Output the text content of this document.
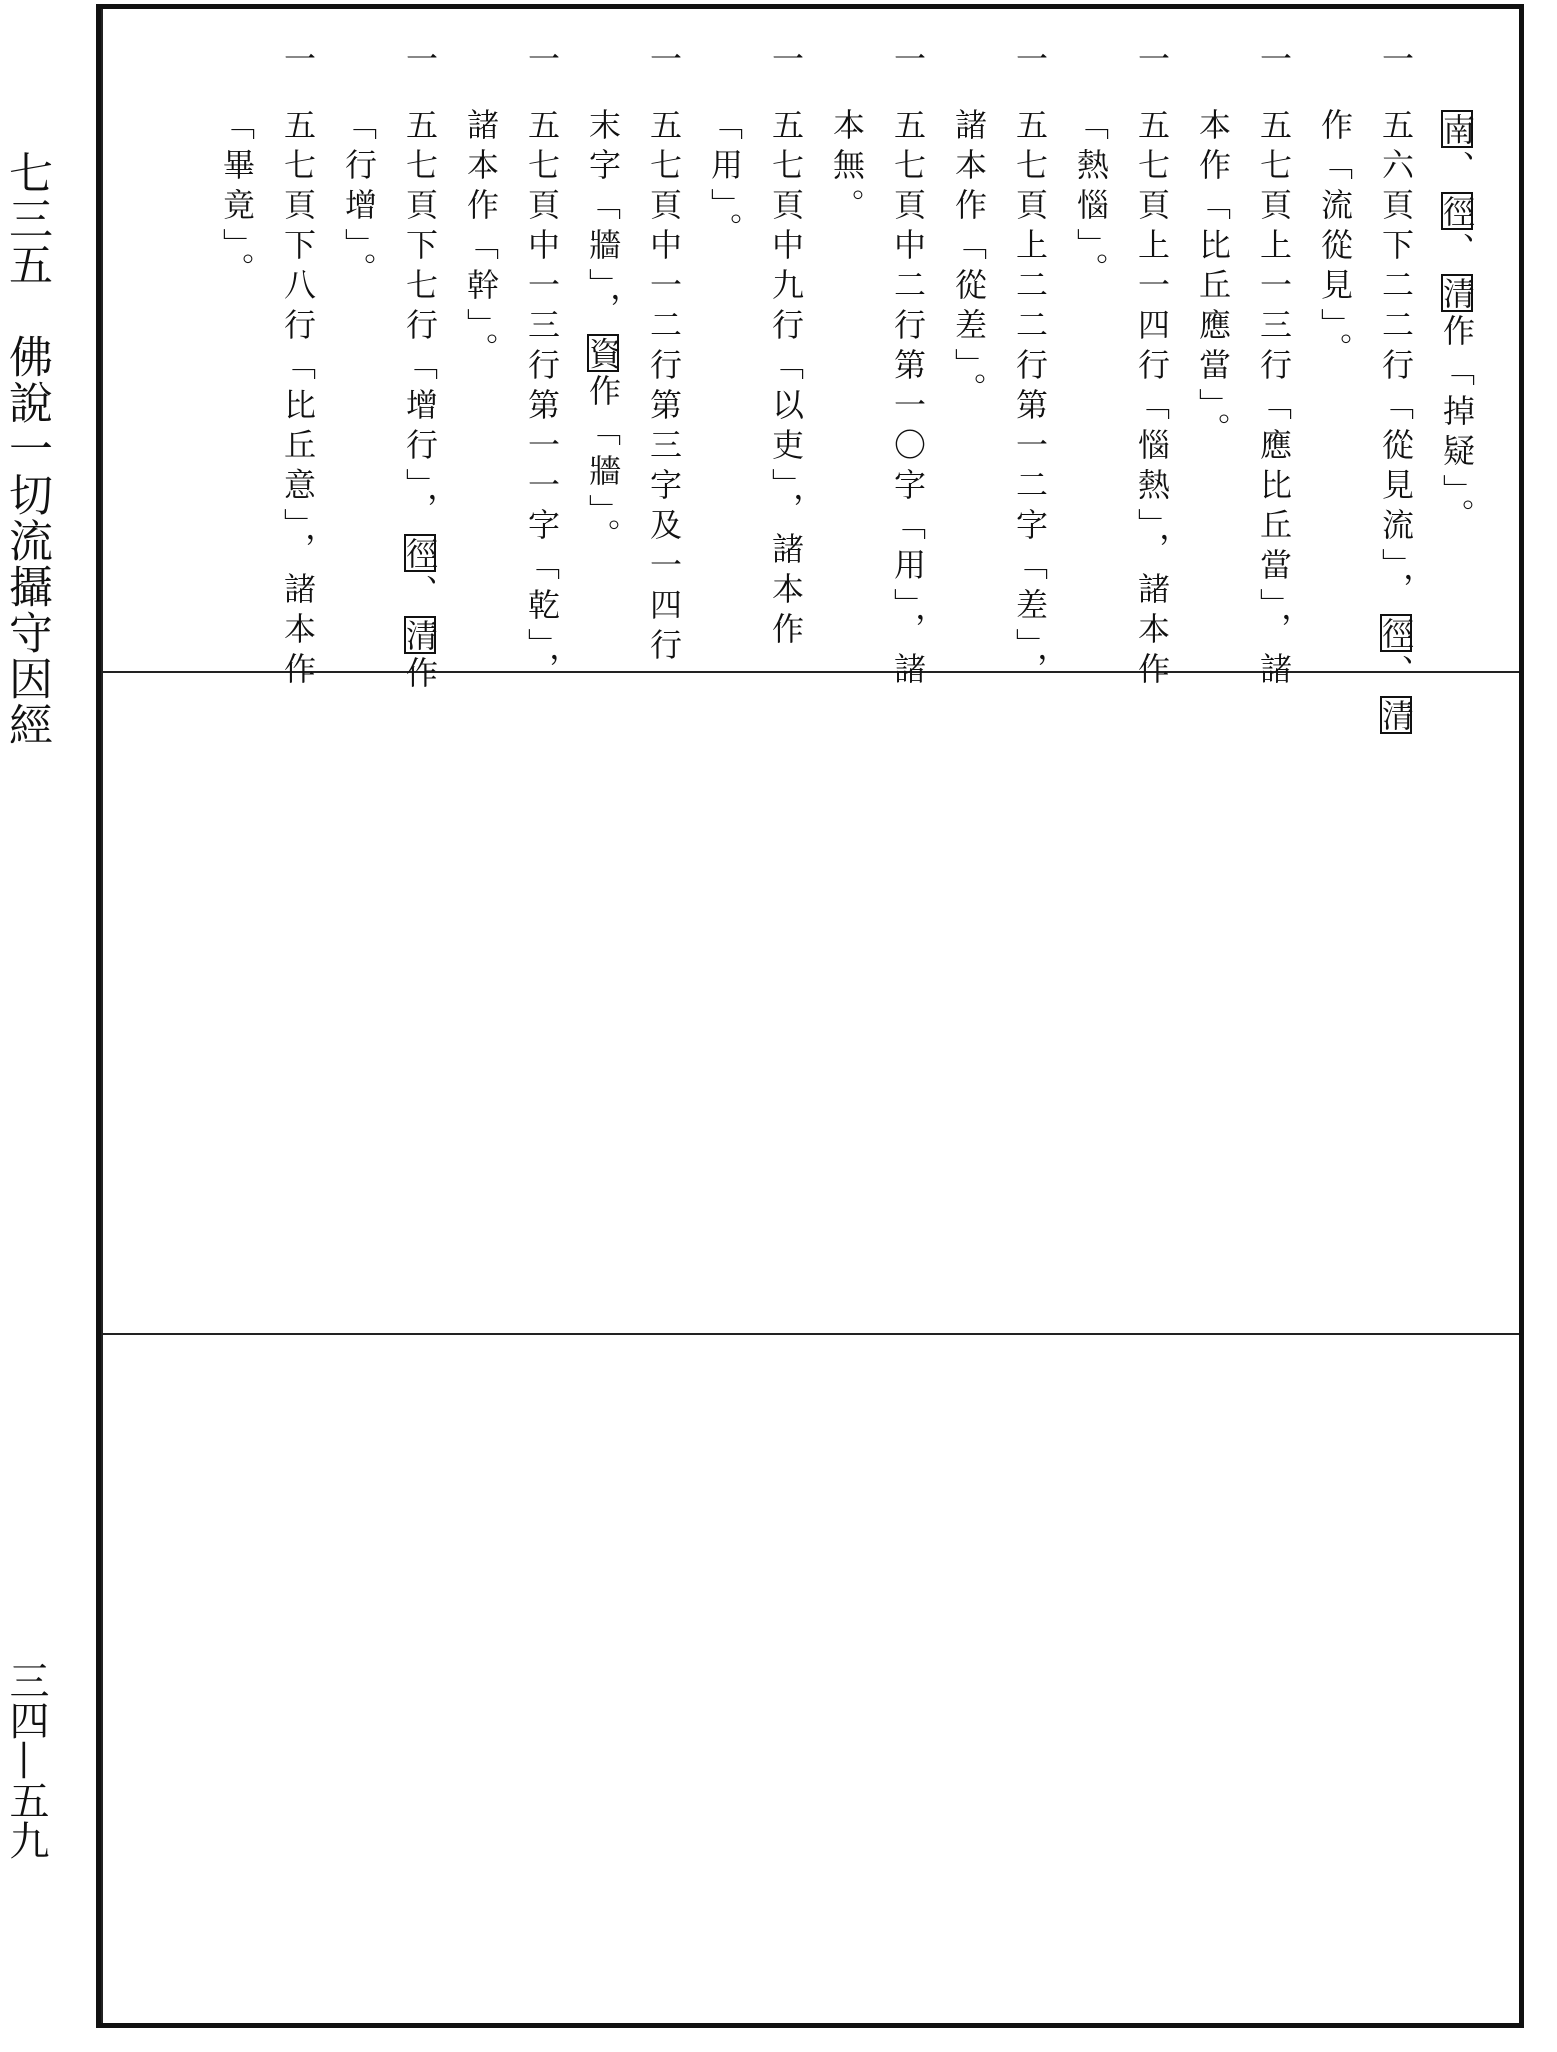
七三五　佛說一切流攝守因經
三四—五九
南、徑、清作「掉疑」。
一五六頁下二二行「從見流」，徑、清
作「流從見」。
一五七頁上一三行「應比丘當」，諸
本作「比丘應當」。
一五七頁上一四行「惱熱」，諸本作
「熱惱」。
一五七頁上二二行第一二字「差」，
諸本作「從差」。
一五七頁中二行第一〇字「用」，諸
本無。
一五七頁中九行「以吏」，諸本作
「用」。
一五七頁中一二行第三字及一四行
末字「牆」，資作「牆」。
一五七頁中一三行第一一字「乾」，
諸本作「幹」。
一五七頁下七行「增行」，徑、清作
「行增」。
一五七頁下八行「比丘意」，諸本作
「畢竟」。
